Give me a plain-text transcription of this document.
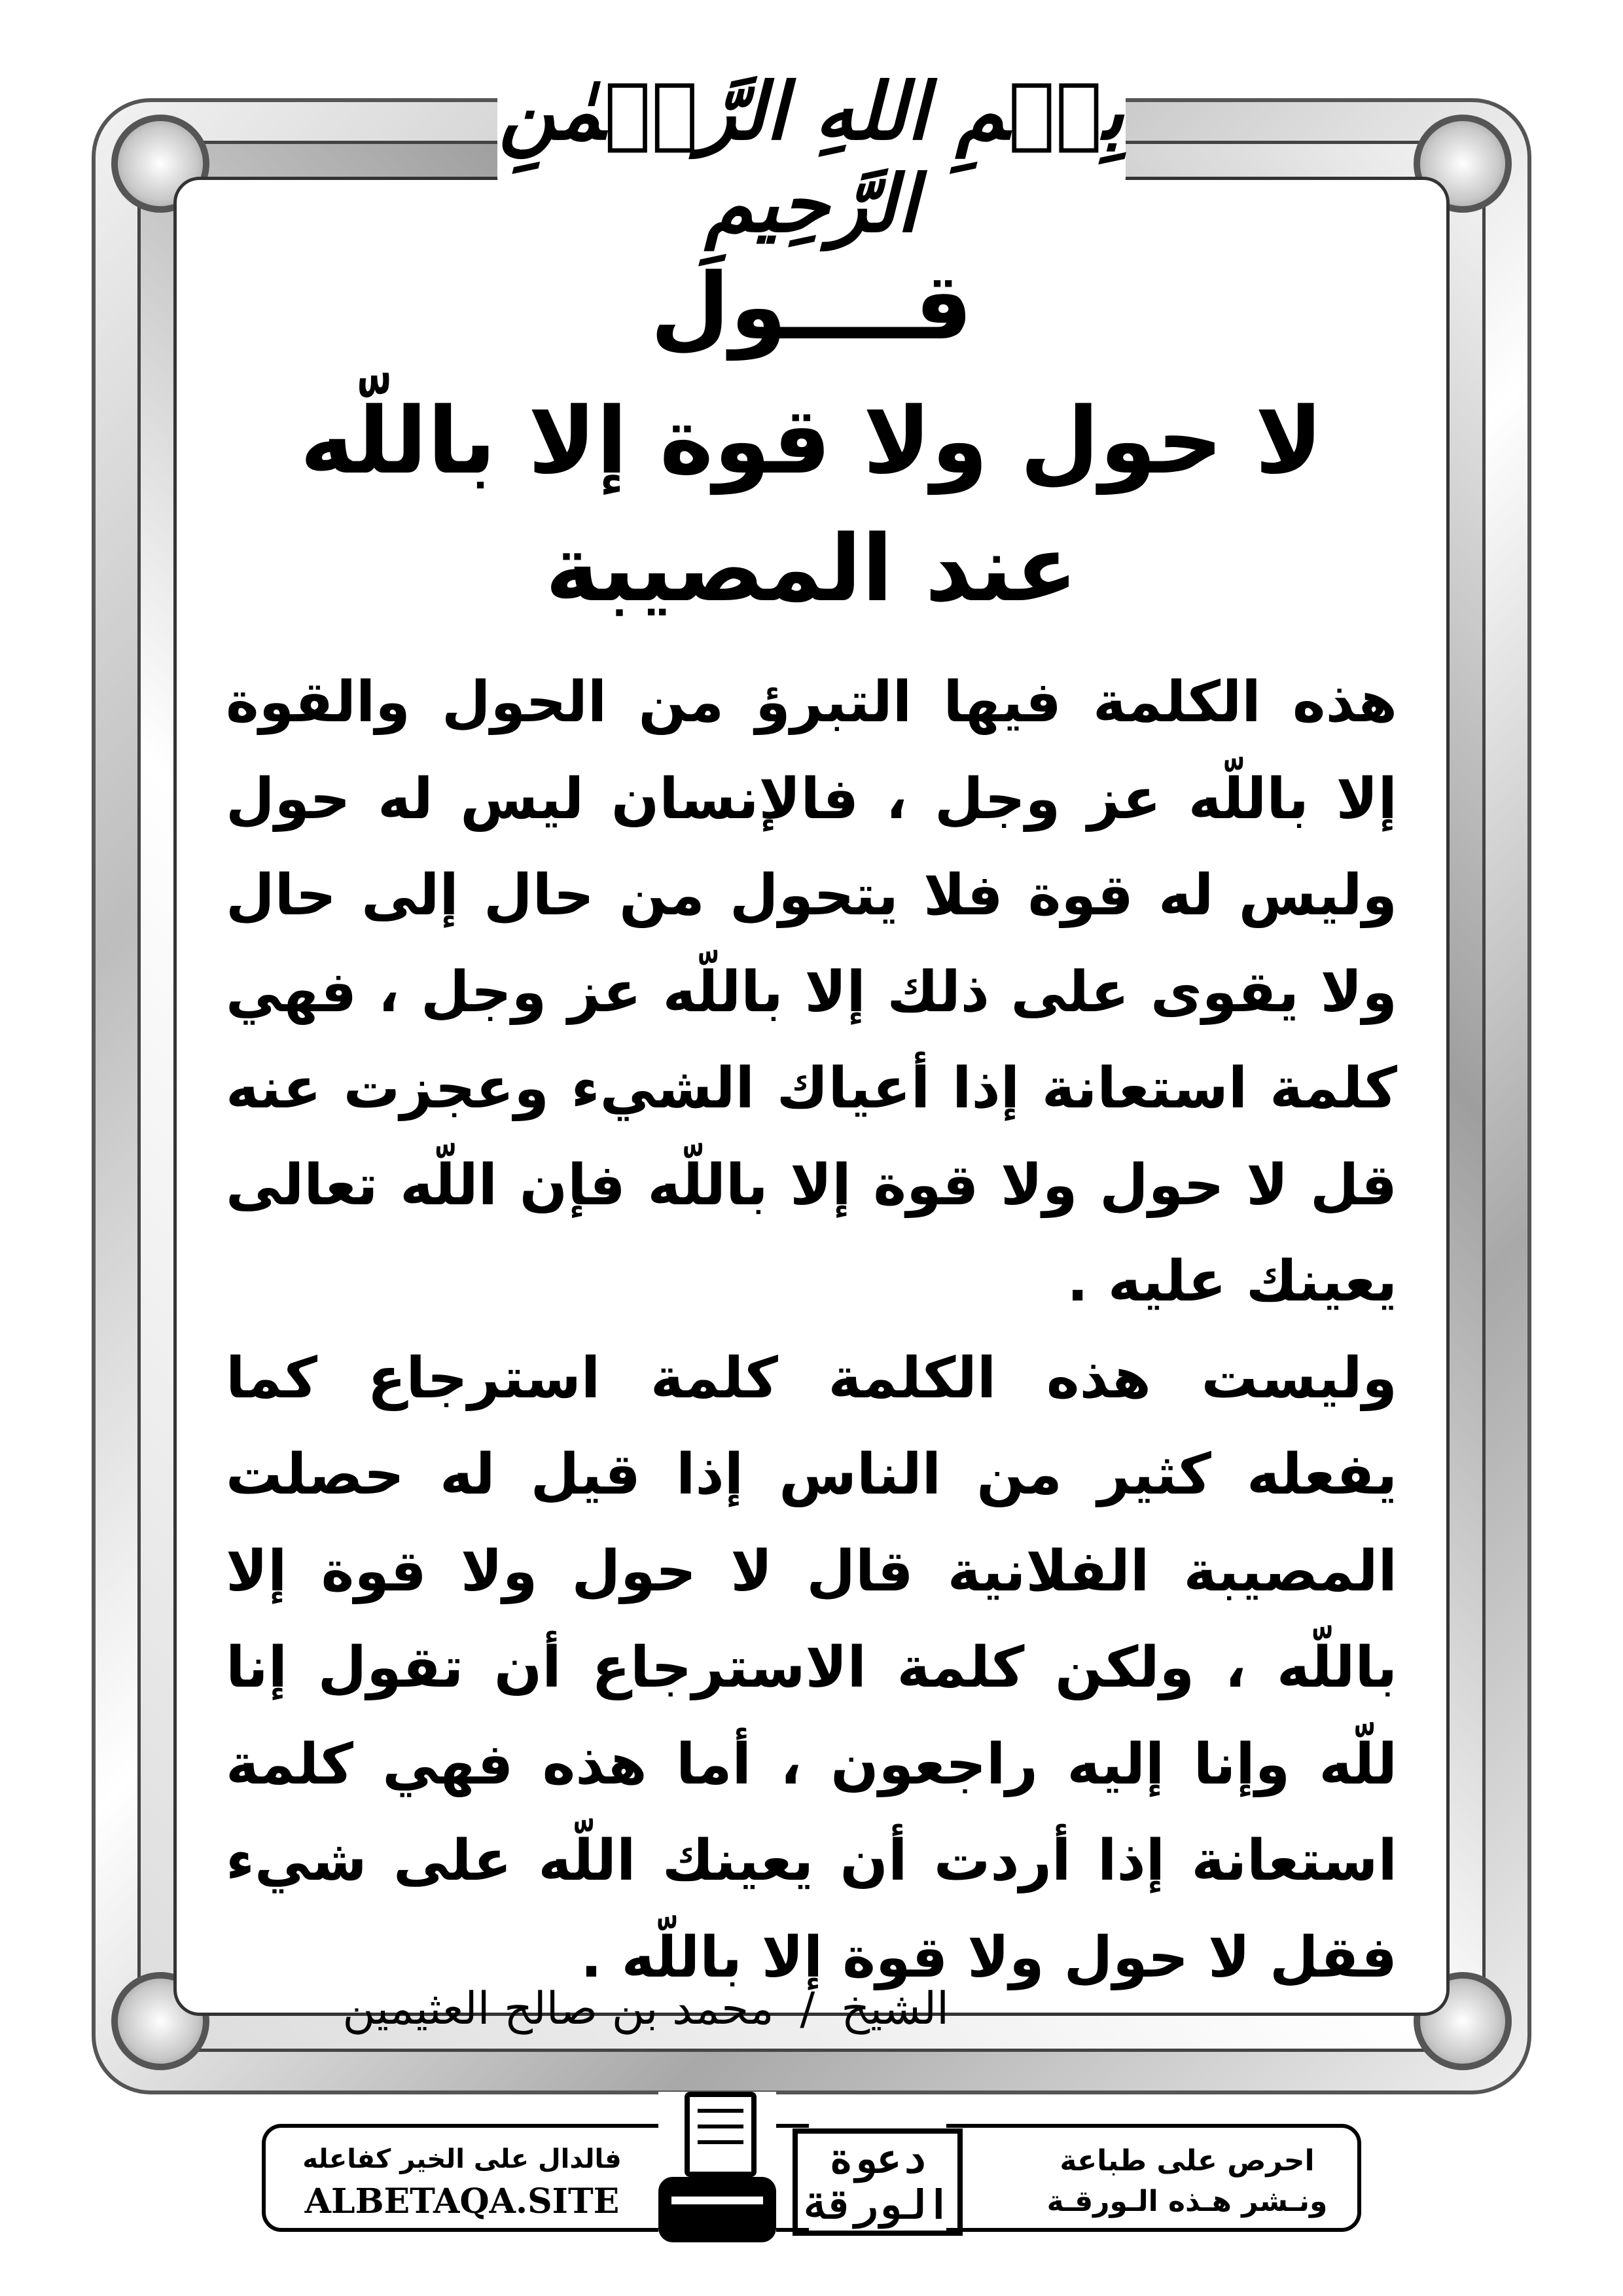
بِسۡمِ اللهِ الرَّحۡمٰنِ الرَّحِيمِ
قــــول
لا حول ولا قوة إلا باللّه
عند المصيبة

هذه الكلمة فيها التبرؤ من الحول والقوة إلا باللّه عز وجل ، فالإنسان ليس له حول وليس له قوة فلا يتحول من حال إلى حال ولا يقوى على ذلك إلا باللّه عز وجل ، فهي كلمة استعانة إذا أعياك الشيء وعجزت عنه قل لا حول ولا قوة إلا باللّه فإن اللّه تعالى يعينك عليه .

وليست هذه الكلمة كلمة استرجاع كما يفعله كثير من الناس إذا قيل له حصلت المصيبة الفلانية قال لا حول ولا قوة إلا باللّه ، ولكن كلمة الاسترجاع أن تقول إنا للّه وإنا إليه راجعون ، أما هذه فهي كلمة استعانة إذا أردت أن يعينك اللّه على شيء فقل لا حول ولا قوة إلا باللّه .

الشيخ/محمد بن صالح العثيمين
احرص على طباعة
ونـشر هـذه الـورقـة
دعوة
الورقة
فالدال على الخير كفاعله
ALBETAQA.SITE
